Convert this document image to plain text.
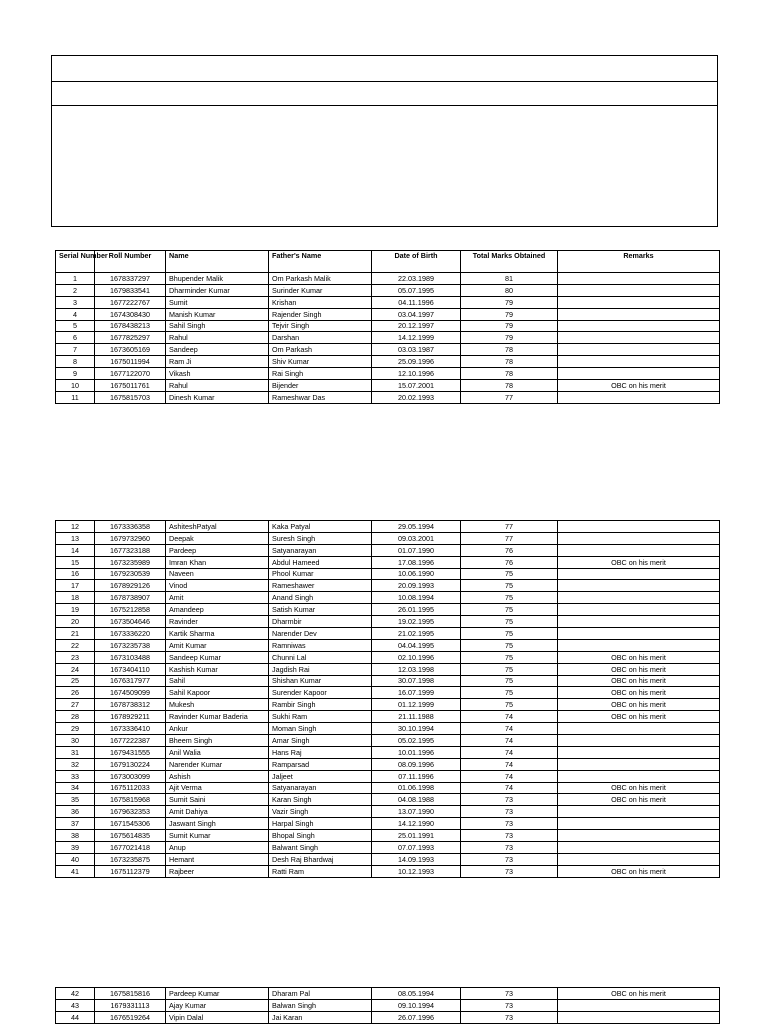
Serial Number	Roll Number	Name	Father's Name	Date of Birth	Total Marks Obtained	Remarks
1	1678337297	Bhupender Malik	Om Parkash Malik	22.03.1989	81	
2	1679833541	Dharminder Kumar	Surinder Kumar	05.07.1995	80	
3	1677222767	Sumit	Krishan	04.11.1996	79	
4	1674308430	Manish Kumar	Rajender Singh	03.04.1997	79	
5	1678438213	Sahil Singh	Tejvir Singh	20.12.1997	79	
6	1677825297	Rahul	Darshan	14.12.1999	79	
7	1673605169	Sandeep	Om Parkash	03.03.1987	78	
8	1675011994	Ram Ji	Shiv Kumar	25.09.1996	78	
9	1677122070	Vikash	Rai Singh	12.10.1996	78	
10	1675011761	Rahul	Bijender	15.07.2001	78	OBC on his merit
11	1675815703	Dinesh Kumar	Rameshwar Das	20.02.1993	77	
12	1673336358	AshiteshPatyal	Kaka Patyal	29.05.1994	77	
13	1679732960	Deepak	Suresh Singh	09.03.2001	77	
14	1677323188	Pardeep	Satyanarayan	01.07.1990	76	
15	1673235989	Imran Khan	Abdul Hameed	17.08.1996	76	OBC on his merit
16	1679230539	Naveen	Phool Kumar	10.06.1990	75	
17	1678929126	Vinod	Rameshawer	20.09.1993	75	
18	1678738907	Amit	Anand Singh	10.08.1994	75	
19	1675212858	Amandeep	Satish Kumar	26.01.1995	75	
20	1673504646	Ravinder	Dharmbir	19.02.1995	75	
21	1673336220	Kartik Sharma	Narender Dev	21.02.1995	75	
22	1673235738	Amit Kumar	Ramniwas	04.04.1995	75	
23	1673103488	Sandeep Kumar	Chunni Lal	02.10.1996	75	OBC on his merit
24	1673404110	Kashish Kumar	Jagdish Rai	12.03.1998	75	OBC on his merit
25	1676317977	Sahil	Shishan Kumar	30.07.1998	75	OBC on his merit
26	1674509099	Sahil Kapoor	Surender Kapoor	16.07.1999	75	OBC on his merit
27	1678738312	Mukesh	Rambir Singh	01.12.1999	75	OBC on his merit
28	1678929211	Ravinder Kumar Baderia	Sukhi Ram	21.11.1988	74	OBC on his merit
29	1673336410	Ankur	Moman Singh	30.10.1994	74	
30	1677222387	Bheem Singh	Amar Singh	05.02.1995	74	
31	1679431555	Anil Walia	Hans Raj	10.01.1996	74	
32	1679130224	Narender Kumar	Ramparsad	08.09.1996	74	
33	1673003099	Ashish	Jaljeet	07.11.1996	74	
34	1675112033	Ajit Verma	Satyanarayan	01.06.1998	74	OBC on his merit
35	1675815968	Sumit Saini	Karan Singh	04.08.1988	73	OBC on his merit
36	1679632353	Amit Dahiya	Vazir Singh	13.07.1990	73	
37	1671545306	Jaswant Singh	Harpal Singh	14.12.1990	73	
38	1675614835	Sumit Kumar	Bhopal Singh	25.01.1991	73	
39	1677021418	Anup	Balwant Singh	07.07.1993	73	
40	1673235875	Hemant	Desh Raj Bhardwaj	14.09.1993	73	
41	1675112379	Rajbeer	Ratti Ram	10.12.1993	73	OBC on his merit
42	1675815816	Pardeep Kumar	Dharam Pal	08.05.1994	73	OBC on his merit
43	1679331113	Ajay Kumar	Balwan Singh	09.10.1994	73	
44	1676519264	Vipin Dalal	Jai Karan	26.07.1996	73	
